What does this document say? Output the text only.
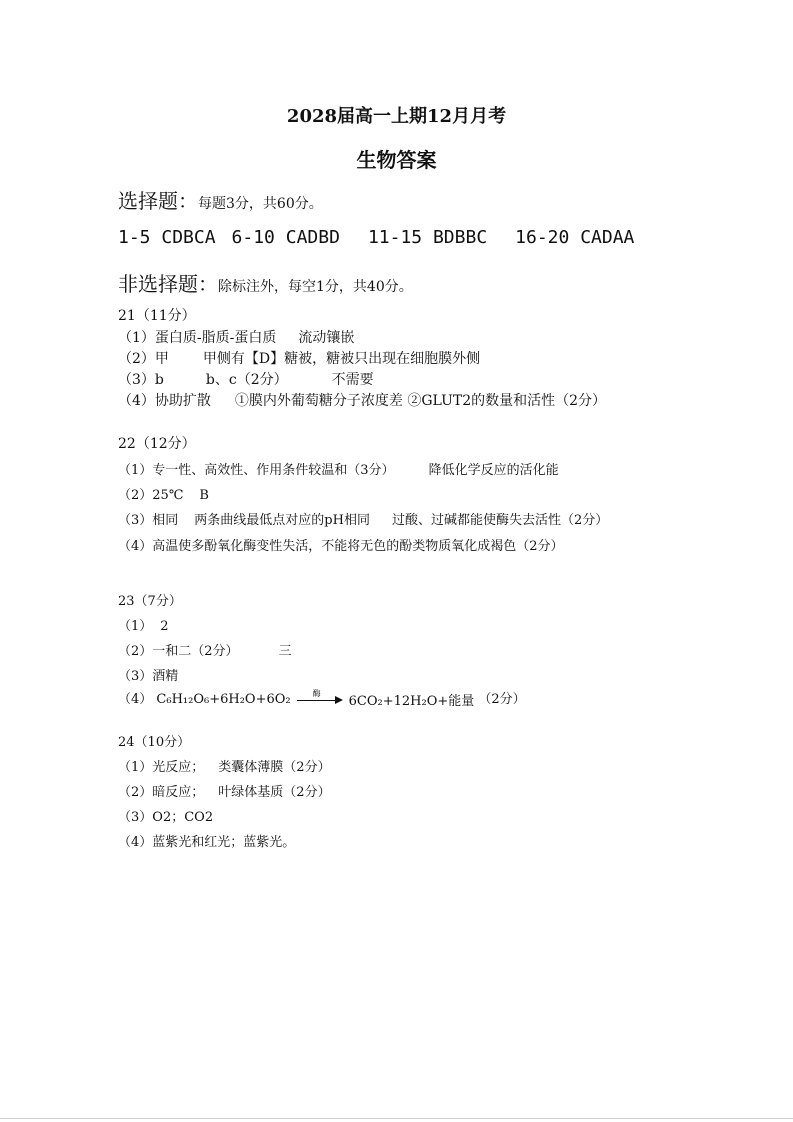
2028届高一上期12月月考
生物答案
选择题：每题3分，共60分。
1-5 CDBCA 6-10 CADBD 11-15 BDBBC 16-20 CADAA
非选择题：除标注外，每空1分，共40分。
21（11分）
（1）蛋白质-脂质-蛋白质 流动镶嵌
（2）甲 甲侧有【D】糖被，糖被只出现在细胞膜外侧
（3）b	b、c（2分）	不需要
（4）协助扩散 ①膜内外葡萄糖分子浓度差 ②GLUT2的数量和活性（2分）
22（12分）
（1）专一性、高效性、作用条件较温和（3分）	降低化学反应的活化能
（2）25℃ B
（3）相同 两条曲线最低点对应的pH相同 过酸、过碱都能使酶失去活性（2分）
（4）高温使多酚氧化酶变性失活，不能将无色的酚类物质氧化成褐色（2分）
23（7分）
（1） 2
（2）一和二（2分）	三
（3）酒精
（4） C₆H₁₂O₆+6H₂O+6O₂	酶
6CO₂+12H₂O+能量 （2分）
24（10分）
（1）光反应； 类囊体薄膜（2分）
（2）暗反应； 叶绿体基质（2分）
（3）O2；CO2
（4）蓝紫光和红光；蓝紫光。
